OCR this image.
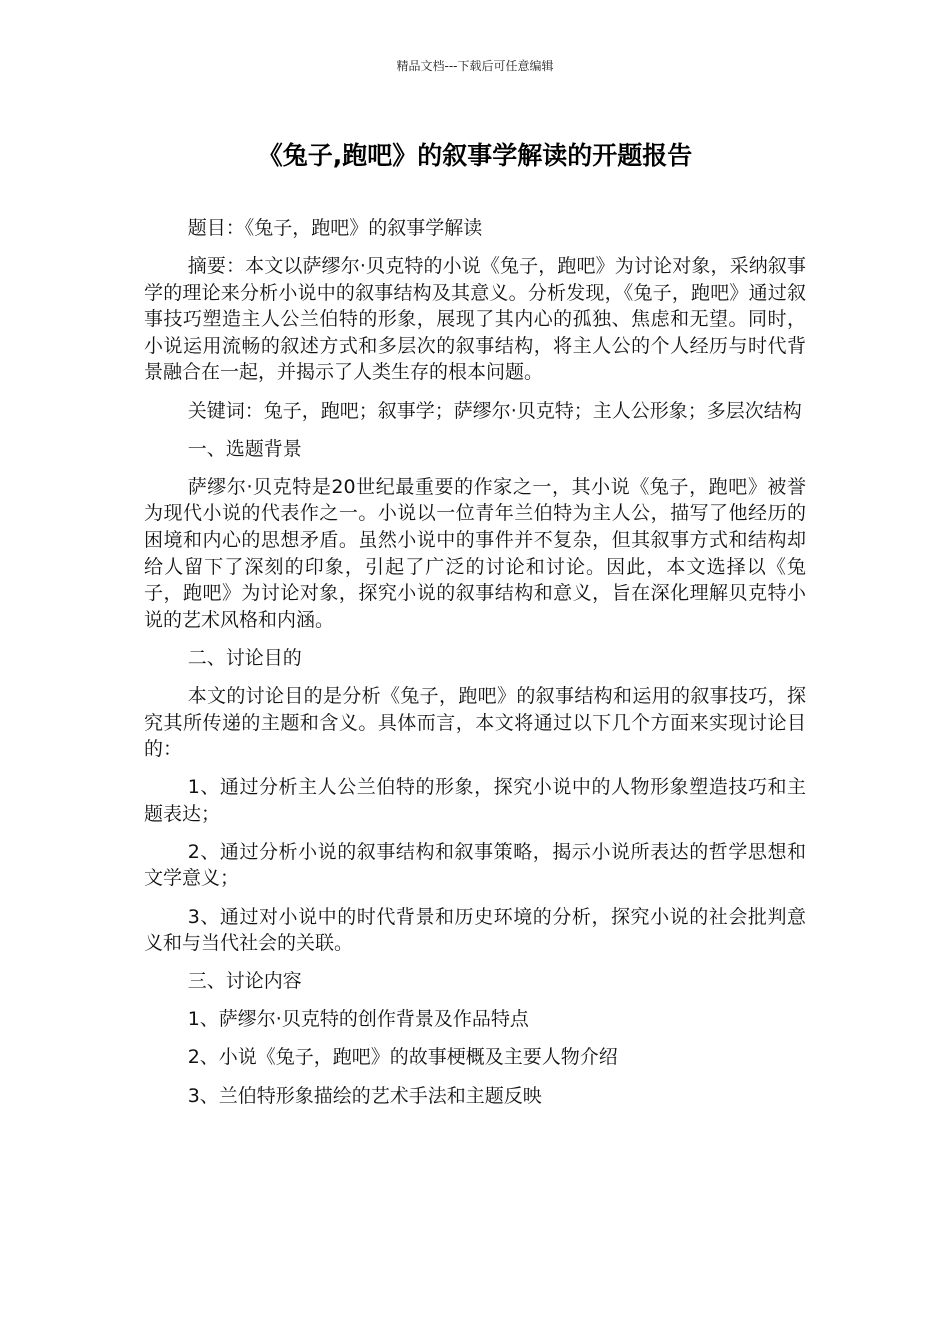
精品文档---下载后可任意编辑
《兔子,跑吧》的叙事学解读的开题报告

题目：《兔子，跑吧》的叙事学解读

摘要：本文以萨缪尔·贝克特的小说《兔子，跑吧》为讨论对象，采纳叙事学的理论来分析小说中的叙事结构及其意义。分析发现，《兔子，跑吧》通过叙事技巧塑造主人公兰伯特的形象，展现了其内心的孤独、焦虑和无望。同时，小说运用流畅的叙述方式和多层次的叙事结构，将主人公的个人经历与时代背景融合在一起，并揭示了人类生存的根本问题。

关键词：兔子，跑吧；叙事学；萨缪尔·贝克特；主人公形象；多层次结构

一、选题背景

萨缪尔·贝克特是20世纪最重要的作家之一，其小说《兔子，跑吧》被誉为现代小说的代表作之一。小说以一位青年兰伯特为主人公，描写了他经历的困境和内心的思想矛盾。虽然小说中的事件并不复杂，但其叙事方式和结构却给人留下了深刻的印象，引起了广泛的讨论和讨论。因此，本文选择以《兔子，跑吧》为讨论对象，探究小说的叙事结构和意义，旨在深化理解贝克特小说的艺术风格和内涵。

二、讨论目的

本文的讨论目的是分析《兔子，跑吧》的叙事结构和运用的叙事技巧，探究其所传递的主题和含义。具体而言，本文将通过以下几个方面来实现讨论目的：

1、通过分析主人公兰伯特的形象，探究小说中的人物形象塑造技巧和主题表达；

2、通过分析小说的叙事结构和叙事策略，揭示小说所表达的哲学思想和文学意义；

3、通过对小说中的时代背景和历史环境的分析，探究小说的社会批判意义和与当代社会的关联。

三、讨论内容

1、萨缪尔·贝克特的创作背景及作品特点

2、小说《兔子，跑吧》的故事梗概及主要人物介绍

3、兰伯特形象描绘的艺术手法和主题反映
